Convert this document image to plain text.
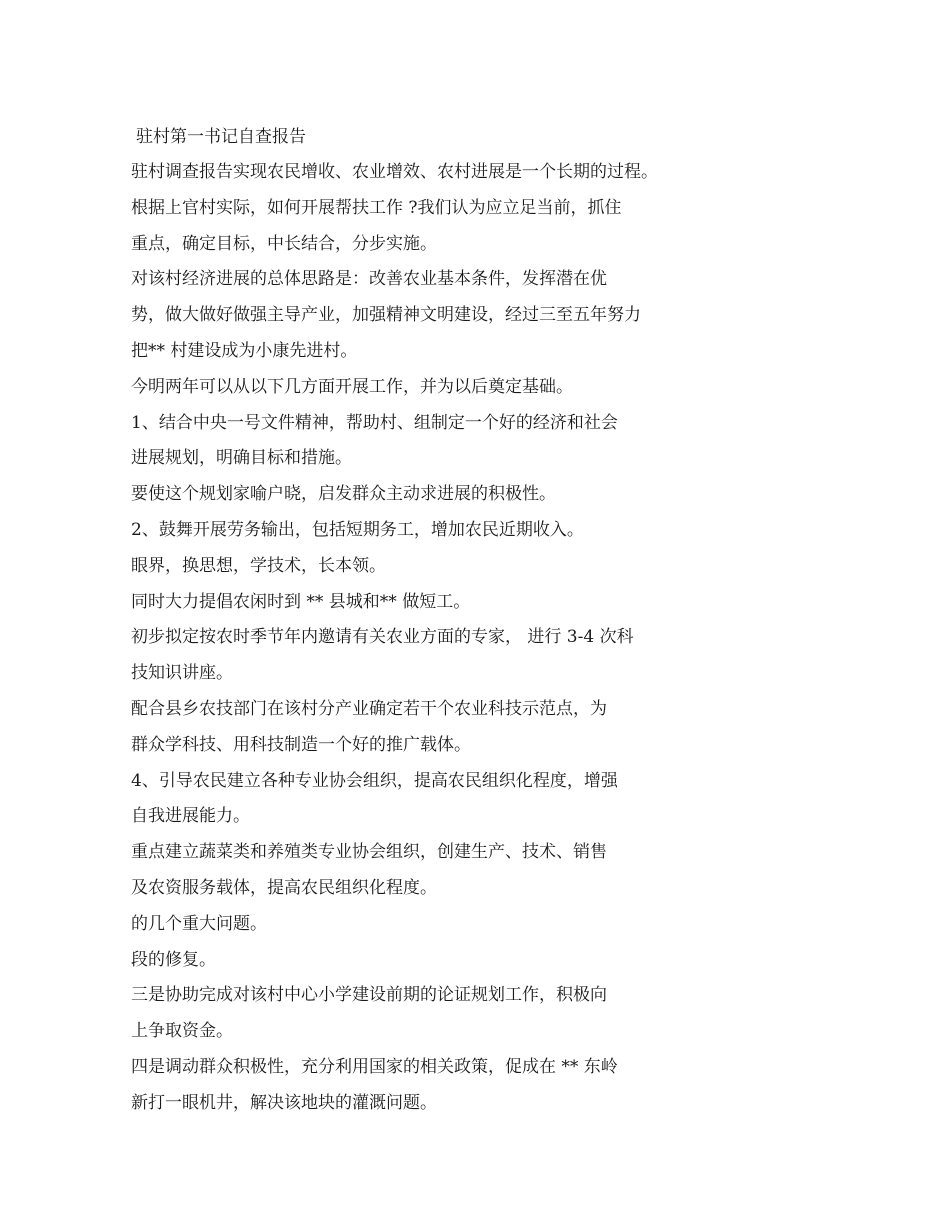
驻村第一书记自查报告
驻村调查报告实现农民增收、农业增效、农村进展是一个长期的过程。
根据上官村实际，如何开展帮扶工作 ?我们认为应立足当前，抓住
重点，确定目标，中长结合，分步实施。
对该村经济进展的总体思路是：改善农业基本条件，发挥潜在优
势，做大做好做强主导产业，加强精神文明建设，经过三至五年努力
把** 村建设成为小康先进村。
今明两年可以从以下几方面开展工作，并为以后奠定基础。
1、结合中央一号文件精神，帮助村、组制定一个好的经济和社会
进展规划，明确目标和措施。
要使这个规划家喻户晓，启发群众主动求进展的积极性。
2、鼓舞开展劳务输出，包括短期务工，增加农民近期收入。
眼界，换思想，学技术，长本领。
同时大力提倡农闲时到 ** 县城和** 做短工。
初步拟定按农时季节年内邀请有关农业方面的专家， 进行 3-4 次科
技知识讲座。
配合县乡农技部门在该村分产业确定若干个农业科技示范点，为
群众学科技、用科技制造一个好的推广载体。
4、引导农民建立各种专业协会组织，提高农民组织化程度，增强
自我进展能力。
重点建立蔬菜类和养殖类专业协会组织，创建生产、技术、销售
及农资服务载体，提高农民组织化程度。
的几个重大问题。
段的修复。
三是协助完成对该村中心小学建设前期的论证规划工作，积极向
上争取资金。
四是调动群众积极性，充分利用国家的相关政策，促成在 ** 东岭
新打一眼机井，解决该地块的灌溉问题。
